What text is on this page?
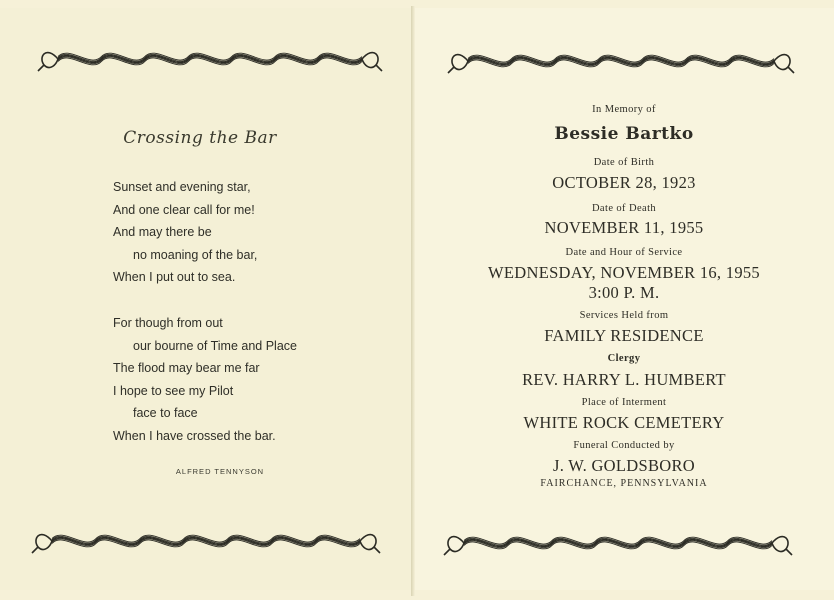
Crossing the Bar
Sunset and evening star,
And one clear call for me!
And may there be
no moaning of the bar,
When I put out to sea.
For though from out
our bourne of Time and Place
The flood may bear me far
I hope to see my Pilot
face to face
When I have crossed the bar.
ALFRED TENNYSON
In Memory of
Bessie Bartko
Date of Birth
OCTOBER 28, 1923
Date of Death
NOVEMBER 11, 1955
Date and Hour of Service
WEDNESDAY, NOVEMBER 16, 1955
3:00 P. M.
Services Held from
FAMILY RESIDENCE
Clergy
REV. HARRY L. HUMBERT
Place of Interment
WHITE ROCK CEMETERY
Funeral Conducted by
J. W. GOLDSBORO
FAIRCHANCE, PENNSYLVANIA
